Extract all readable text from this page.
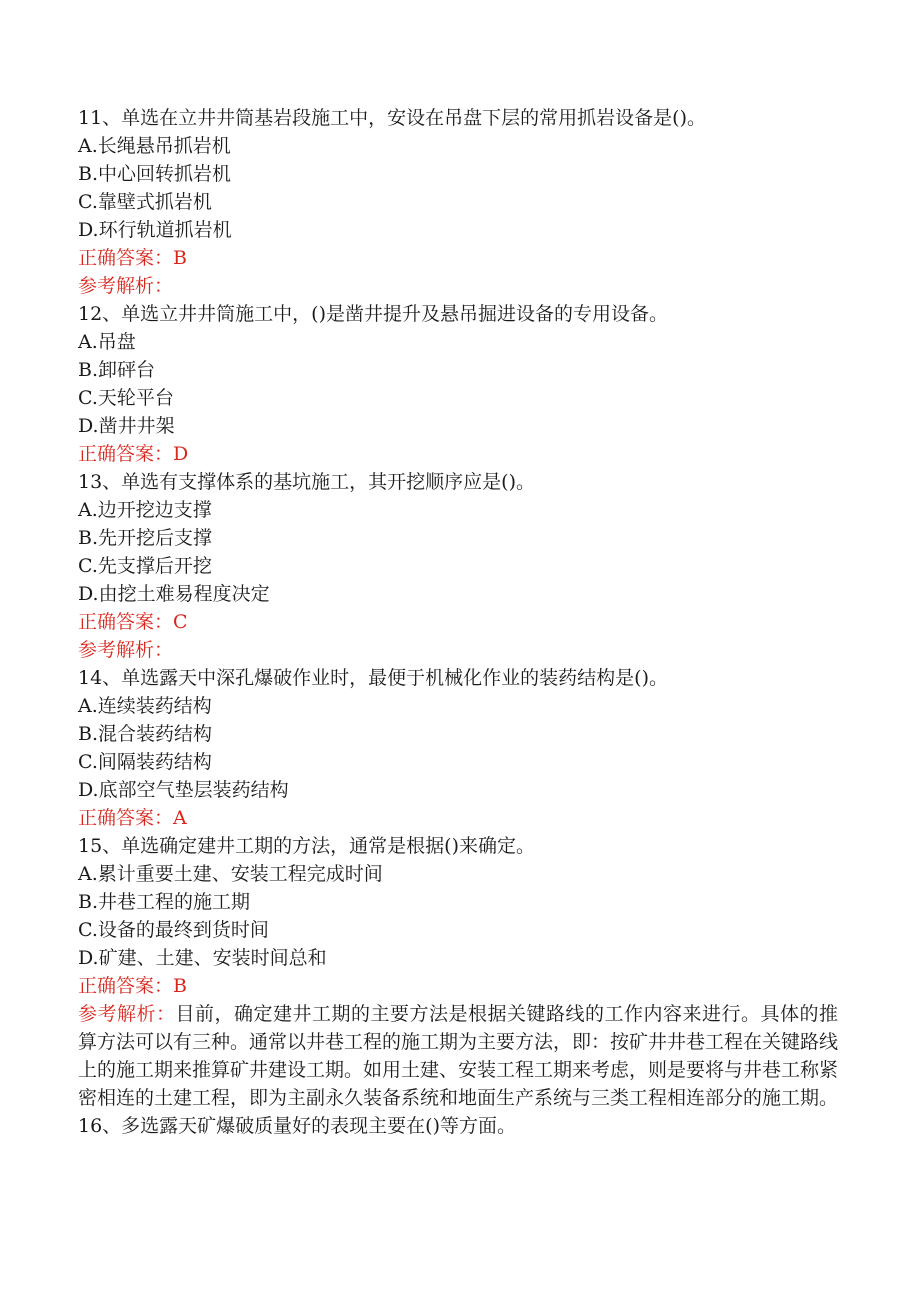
11、单选在立井井筒基岩段施工中，安设在吊盘下层的常用抓岩设备是()。

A.长绳悬吊抓岩机

B.中心回转抓岩机

C.靠壁式抓岩机

D.环行轨道抓岩机

正确答案：B

参考解析：

12、单选立井井筒施工中，()是凿井提升及悬吊掘进设备的专用设备。

A.吊盘

B.卸砰台

C.天轮平台

D.凿井井架

正确答案：D

13、单选有支撑体系的基坑施工，其开挖顺序应是()。

A.边开挖边支撑

B.先开挖后支撑

C.先支撑后开挖

D.由挖土难易程度决定

正确答案：C

参考解析：

14、单选露天中深孔爆破作业时，最便于机械化作业的装药结构是()。

A.连续装药结构

B.混合装药结构

C.间隔装药结构

D.底部空气垫层装药结构

正确答案：A

15、单选确定建井工期的方法，通常是根据()来确定。

A.累计重要土建、安装工程完成时间

B.井巷工程的施工期

C.设备的最终到货时间

D.矿建、土建、安装时间总和

正确答案：B

参考解析：目前，确定建井工期的主要方法是根据关键路线的工作内容来进行。具体的推算方法可以有三种。通常以井巷工程的施工期为主要方法，即：按矿井井巷工程在关键路线上的施工期来推算矿井建设工期。如用土建、安装工程工期来考虑，则是要将与井巷工称紧密相连的土建工程，即为主副永久装备系统和地面生产系统与三类工程相连部分的施工期。

16、多选露天矿爆破质量好的表现主要在()等方面。
